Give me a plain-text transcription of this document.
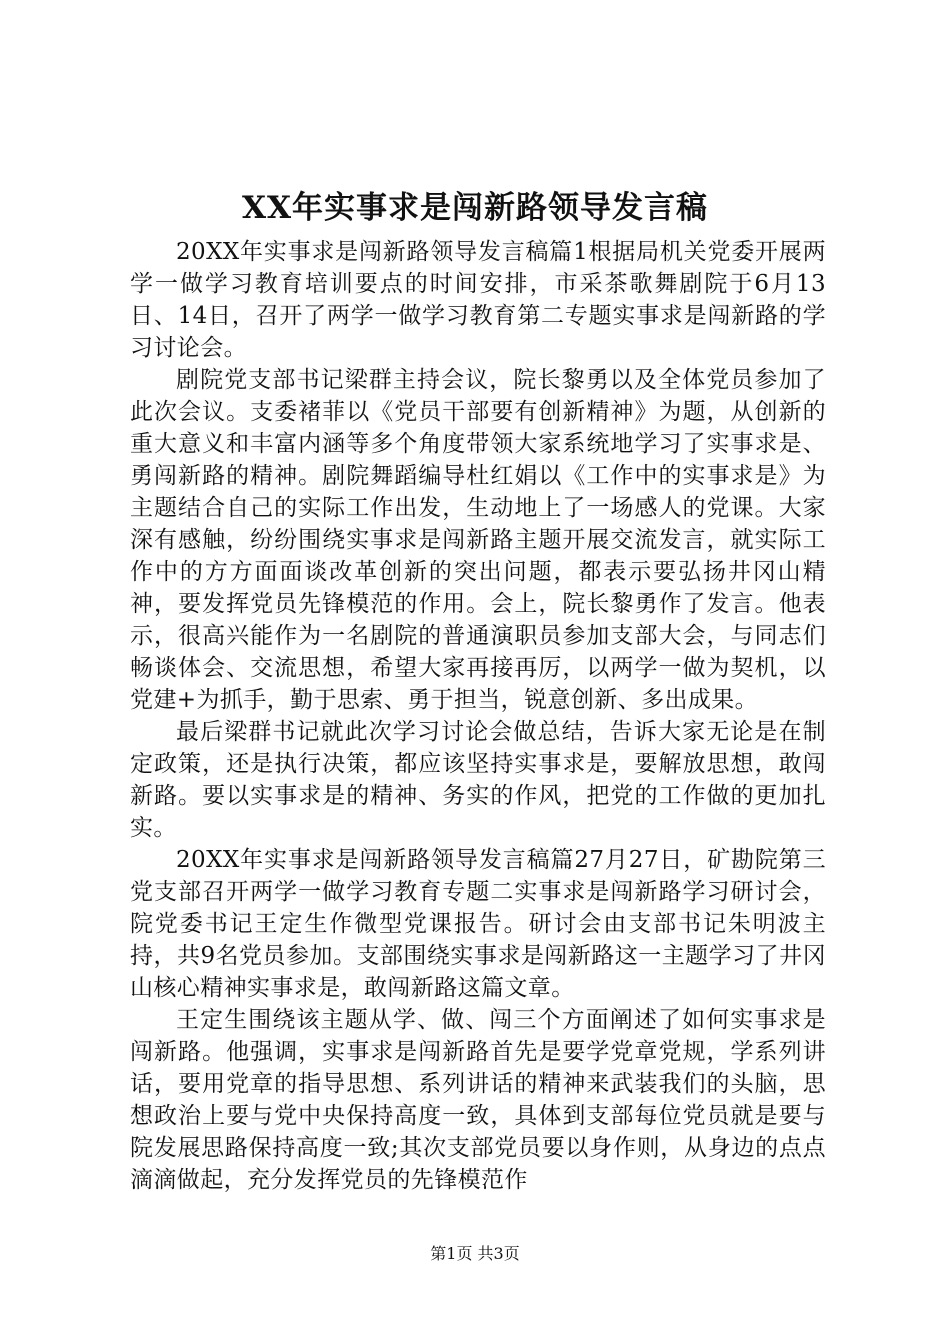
XX年实事求是闯新路领导发言稿

20XX年实事求是闯新路领导发言稿篇1根据局机关党委开展两学一做学习教育培训要点的时间安排，市采茶歌舞剧院于6月13日、14日，召开了两学一做学习教育第二专题实事求是闯新路的学习讨论会。

剧院党支部书记梁群主持会议，院长黎勇以及全体党员参加了此次会议。支委褚菲以《党员干部要有创新精神》为题，从创新的重大意义和丰富内涵等多个角度带领大家系统地学习了实事求是、勇闯新路的精神。剧院舞蹈编导杜红娟以《工作中的实事求是》为主题结合自己的实际工作出发，生动地上了一场感人的党课。大家深有感触，纷纷围绕实事求是闯新路主题开展交流发言，就实际工作中的方方面面谈改革创新的突出问题，都表示要弘扬井冈山精神，要发挥党员先锋模范的作用。会上，院长黎勇作了发言。他表示，很高兴能作为一名剧院的普通演职员参加支部大会，与同志们畅谈体会、交流思想，希望大家再接再厉，以两学一做为契机，以党建+为抓手，勤于思索、勇于担当，锐意创新、多出成果。

最后梁群书记就此次学习讨论会做总结，告诉大家无论是在制定政策，还是执行决策，都应该坚持实事求是，要解放思想，敢闯新路。要以实事求是的精神、务实的作风，把党的工作做的更加扎实。

20XX年实事求是闯新路领导发言稿篇27月27日，矿勘院第三党支部召开两学一做学习教育专题二实事求是闯新路学习研讨会，院党委书记王定生作微型党课报告。研讨会由支部书记朱明波主持，共9名党员参加。支部围绕实事求是闯新路这一主题学习了井冈山核心精神实事求是，敢闯新路这篇文章。

王定生围绕该主题从学、做、闯三个方面阐述了如何实事求是闯新路。他强调，实事求是闯新路首先是要学党章党规，学系列讲话，要用党章的指导思想、系列讲话的精神来武装我们的头脑，思想政治上要与党中央保持高度一致，具体到支部每位党员就是要与院发展思路保持高度一致;其次支部党员要以身作则，从身边的点点滴滴做起，充分发挥党员的先锋模范作

第1页 共3页
